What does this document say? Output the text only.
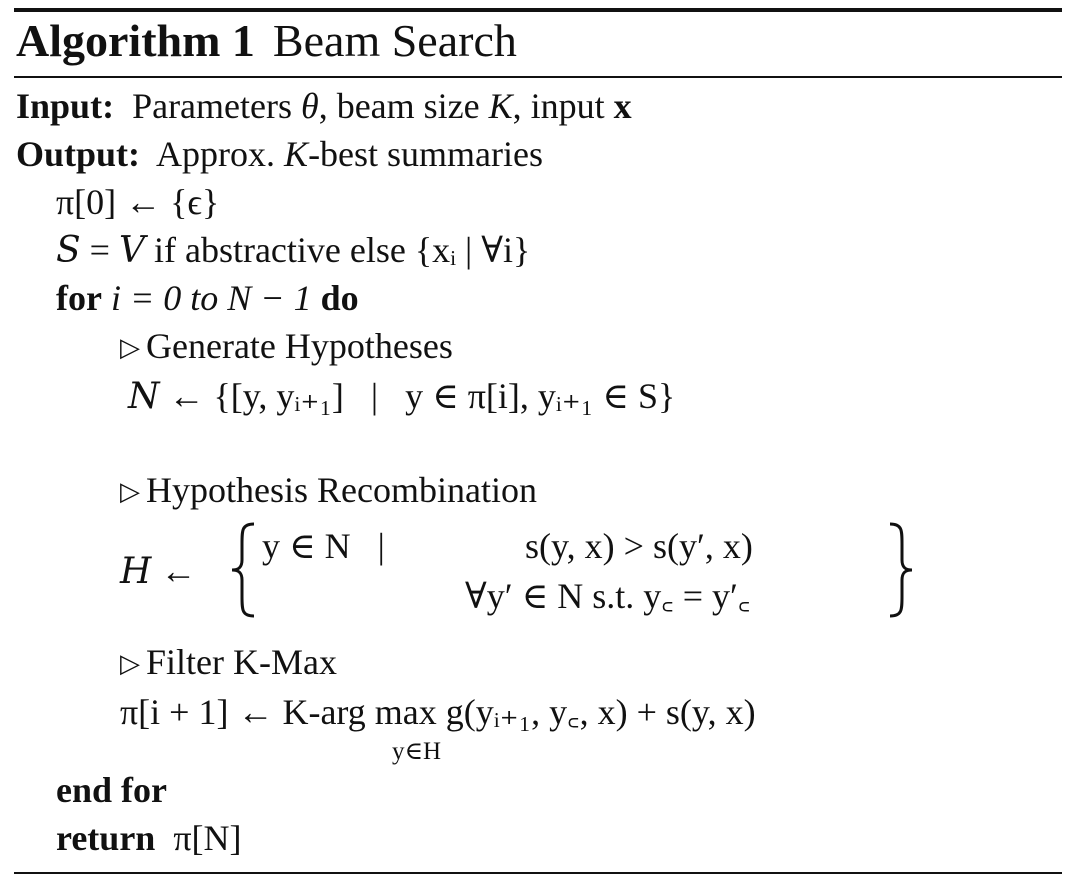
Algorithm 1 Beam Search
Input: Parameters θ, beam size K, input x
Output: Approx. K-best summaries
π[0] ← {ϵ}
S = V if abstractive else {xᵢ | ∀i}
for i = 0 to N − 1 do
▷ Generate Hypotheses
N ← {[y, yᵢ₊₁]   |   y ∈ π[i], yᵢ₊₁ ∈ S}
▷ Hypothesis Recombination
H ←
y ∈ N   |	s(y, x) > s(y′, x)
∀y′ ∈ N s.t. y꜀ = y′꜀
▷ Filter K-Max
π[i + 1] ← K-arg max g(yᵢ₊₁, y꜀, x) + s(y, x)
y∈H
end for
return π[N]
